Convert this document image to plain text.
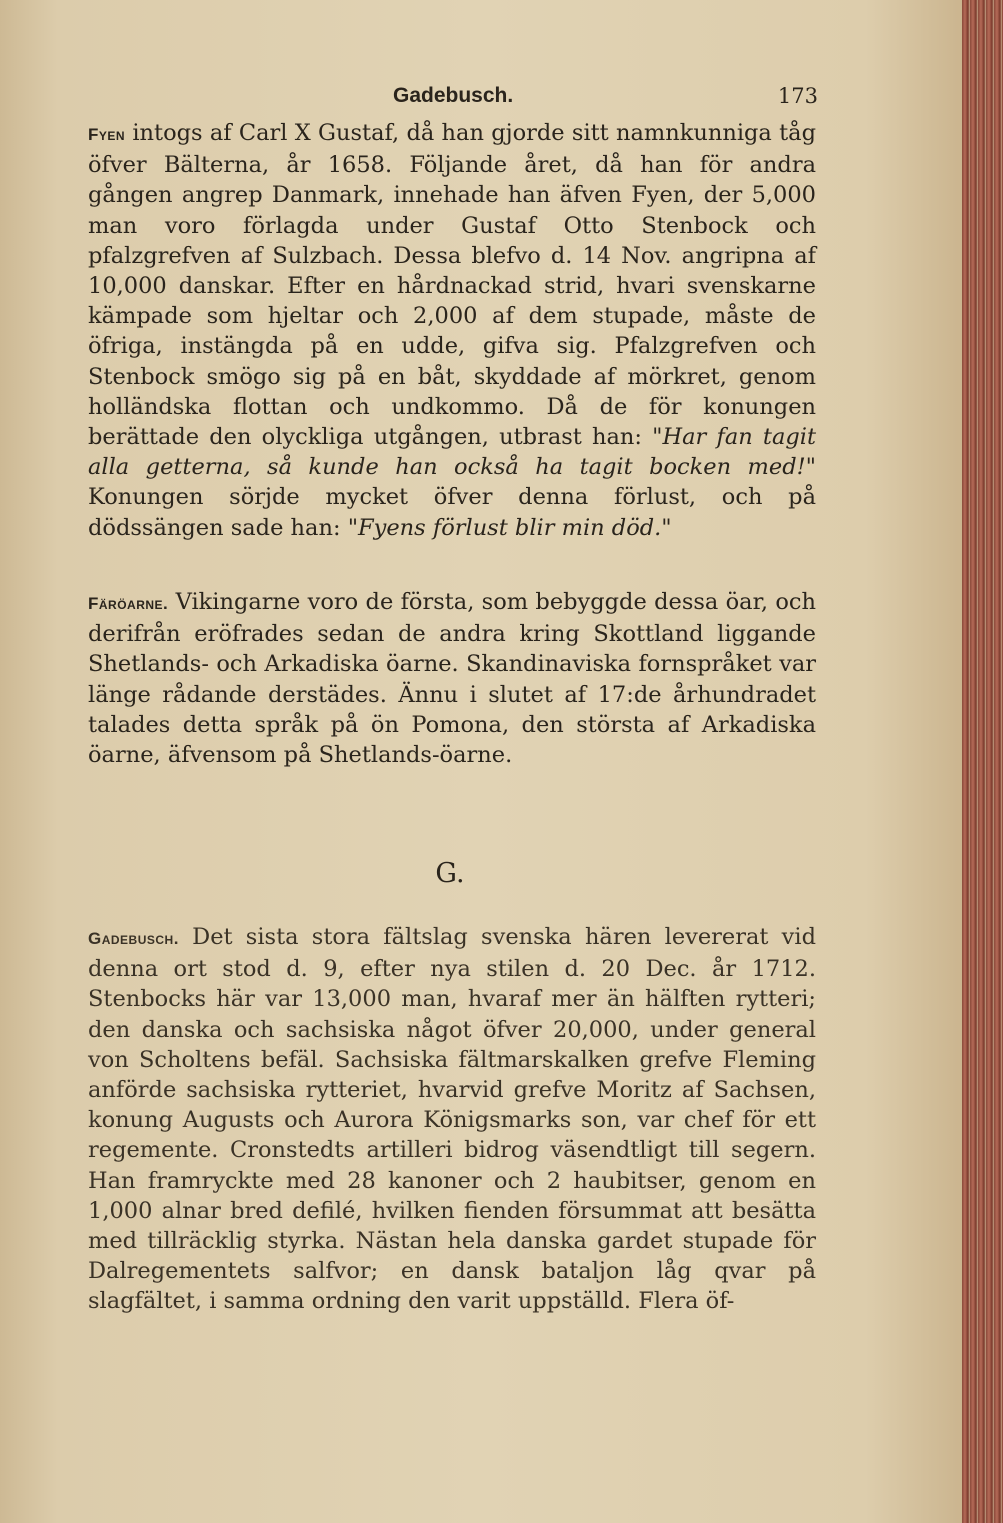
Gadebusch.	173

Fyen intogs af Carl X Gustaf, då han gjorde sitt namnkunniga tåg öfver Bälterna, år 1658. Följande året, då han för andra gången angrep Danmark, innehade han äfven Fyen, der 5,000 man voro förlagda under Gustaf Otto Stenbock och pfalzgrefven af Sulzbach. Dessa blefvo d. 14 Nov. angripna af 10,000 danskar. Efter en hårdnackad strid, hvari svenskarne kämpade som hjeltar och 2,000 af dem stupade, måste de öfriga, instängda på en udde, gifva sig. Pfalzgrefven och Stenbock smögo sig på en båt, skyddade af mörkret, genom holländska flottan och undkommo. Då de för konungen berättade den olyckliga utgången, utbrast han: "Har fan tagit alla getterna, så kunde han också ha tagit bocken med!" Konungen sörjde mycket öfver denna förlust, och på dödssängen sade han: "Fyens förlust blir min död."

Färöarne. Vikingarne voro de första, som bebyggde dessa öar, och derifrån eröfrades sedan de andra kring Skottland liggande Shetlands- och Arkadiska öarne. Skandinaviska fornspråket var länge rådande derstädes. Ännu i slutet af 17:de århundradet talades detta språk på ön Pomona, den största af Arkadiska öarne, äfvensom på Shetlands-öarne.

G.

Gadebusch. Det sista stora fältslag svenska hären levererat vid denna ort stod d. 9, efter nya stilen d. 20 Dec. år 1712. Stenbocks här var 13,000 man, hvaraf mer än hälften rytteri; den danska och sachsiska något öfver 20,000, under general von Scholtens befäl. Sachsiska fältmarskalken grefve Fleming anförde sachsiska rytteriet, hvarvid grefve Moritz af Sachsen, konung Augusts och Aurora Königsmarks son, var chef för ett regemente. Cronstedts artilleri bidrog väsendtligt till segern. Han framryckte med 28 kanoner och 2 haubitser, genom en 1,000 alnar bred defilé, hvilken fienden försummat att besätta med tillräcklig styrka. Nästan hela danska gardet stupade för Dalregementets salfvor; en dansk bataljon låg qvar på slagfältet, i samma ordning den varit uppställd. Flera öf-
